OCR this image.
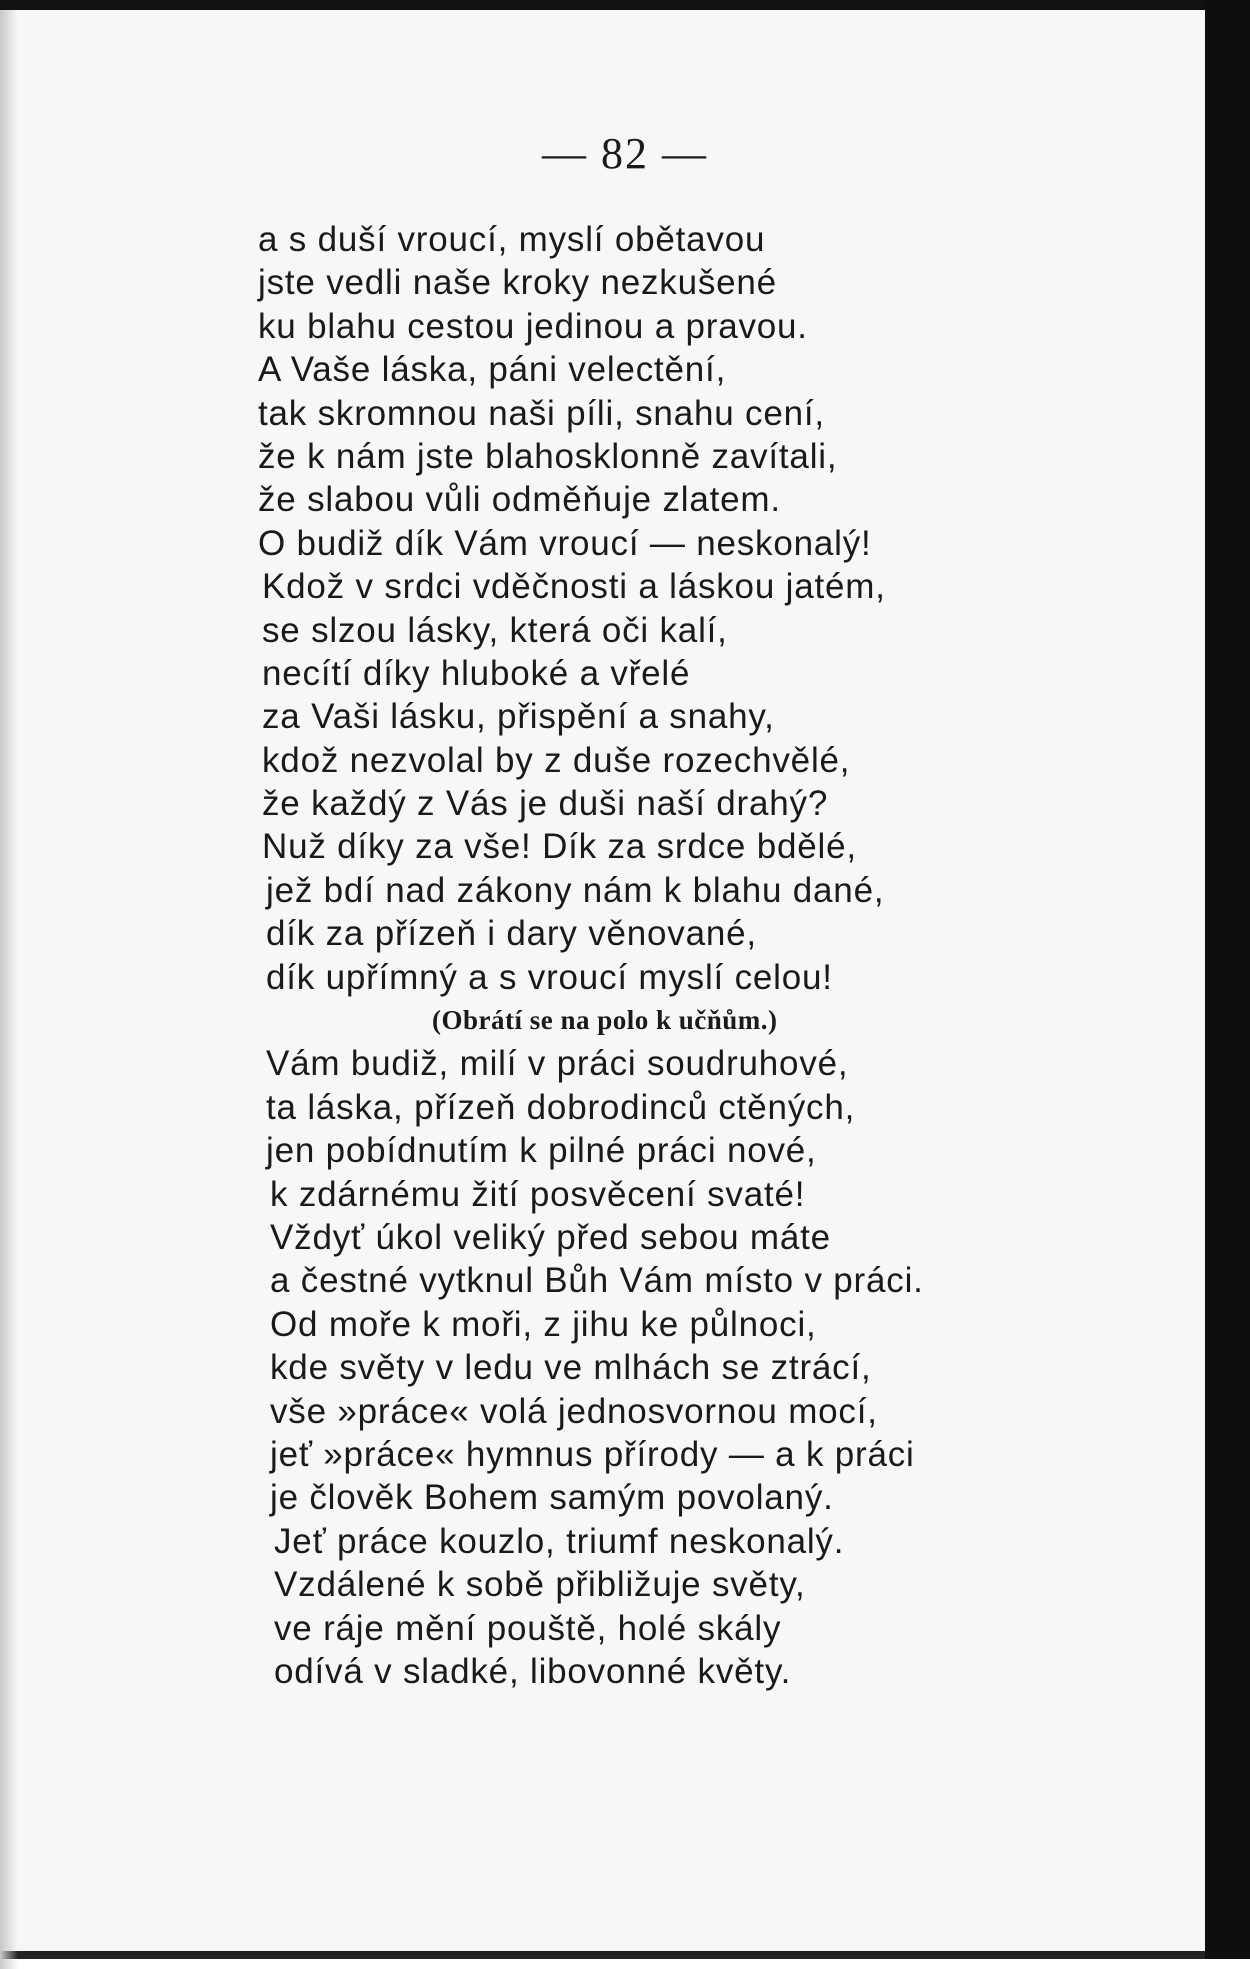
— 82 —
a s duší vroucí, myslí obětavou
jste vedli naše kroky nezkušené
ku blahu cestou jedinou a pravou.
A Vaše láska, páni velectění,
tak skromnou naši píli, snahu cení,
že k nám jste blahosklonně zavítali,
že slabou vůli odměňuje zlatem.
O budiž dík Vám vroucí — neskonalý!
Kdož v srdci vděčnosti a láskou jatém,
se slzou lásky, která oči kalí,
necítí díky hluboké a vřelé
za Vaši lásku, přispění a snahy,
kdož nezvolal by z duše rozechvělé,
že každý z Vás je duši naší drahý?
Nuž díky za vše! Dík za srdce bdělé,
jež bdí nad zákony nám k blahu dané,
dík za přízeň i dary věnované,
dík upřímný a s vroucí myslí celou!
(Obrátí se na polo k učňům.)
Vám budiž, milí v práci soudruhové,
ta láska, přízeň dobrodinců ctěných,
jen pobídnutím k pilné práci nové,
k zdárnému žití posvěcení svaté!
Vždyť úkol veliký před sebou máte
a čestné vytknul Bůh Vám místo v práci.
Od moře k moři, z jihu ke půlnoci,
kde světy v ledu ve mlhách se ztrácí,
vše »práce« volá jednosvornou mocí,
jeť »práce« hymnus přírody — a k práci
je člověk Bohem samým povolaný.
Jeť práce kouzlo, triumf neskonalý.
Vzdálené k sobě přibližuje světy,
ve ráje mění pouště, holé skály
odívá v sladké, libovonné květy.
